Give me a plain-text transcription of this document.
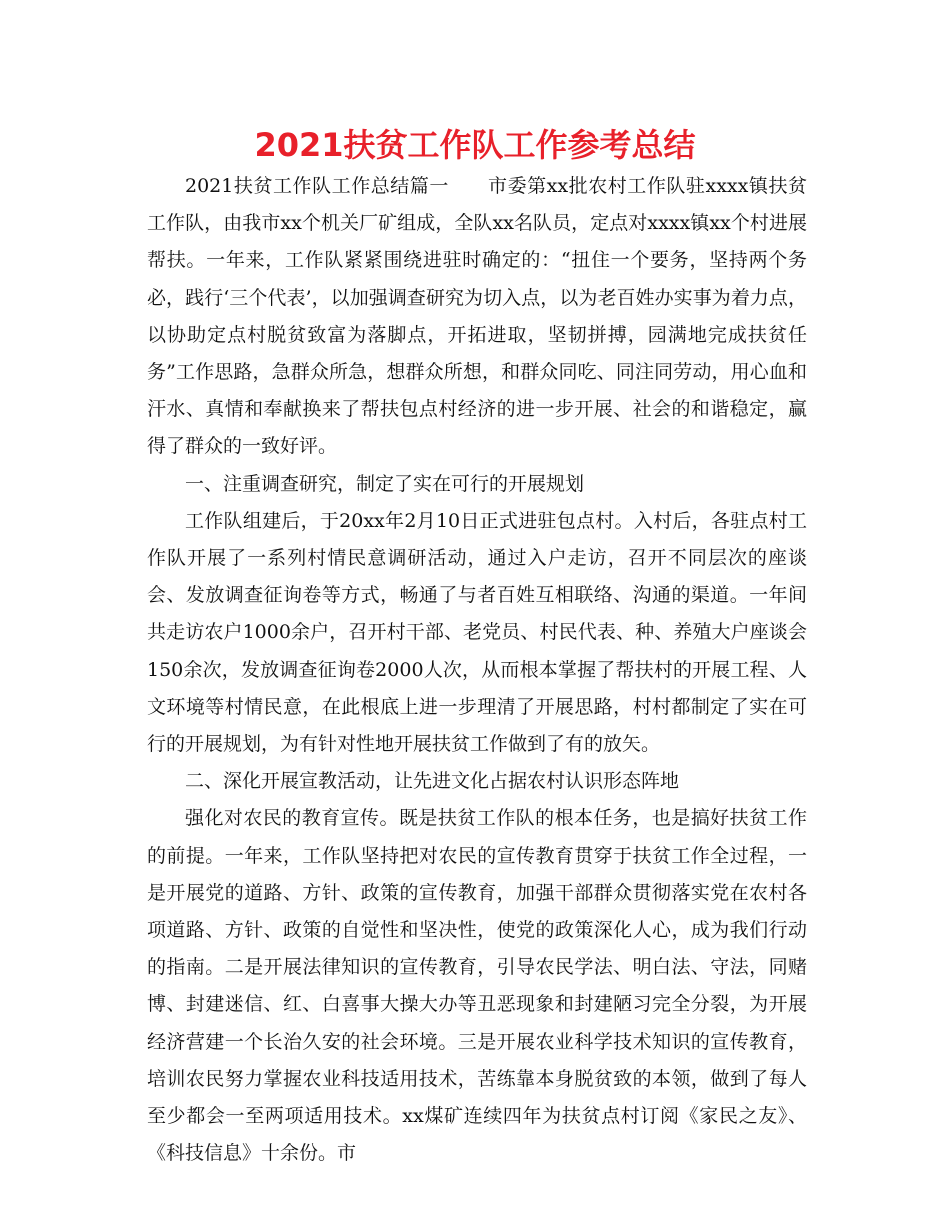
2021扶贫工作队工作参考总结

2021扶贫工作队工作总结篇一　　市委第xx批农村工作队驻xxxx镇扶贫工作队，由我市xx个机关厂矿组成，全队xx名队员，定点对xxxx镇xx个村进展帮扶。一年来，工作队紧紧围绕进驻时确定的：“扭住一个要务，坚持两个务必，践行‘三个代表’，以加强调查研究为切入点，以为老百姓办实事为着力点，以协助定点村脱贫致富为落脚点，开拓进取，坚韧拼搏，园满地完成扶贫任务”工作思路，急群众所急，想群众所想，和群众同吃、同注同劳动，用心血和汗水、真情和奉献换来了帮扶包点村经济的进一步开展、社会的和谐稳定，赢得了群众的一致好评。

一、注重调查研究，制定了实在可行的开展规划

工作队组建后，于20xx年2月10日正式进驻包点村。入村后，各驻点村工作队开展了一系列村情民意调研活动，通过入户走访，召开不同层次的座谈会、发放调查征询卷等方式，畅通了与者百姓互相联络、沟通的渠道。一年间共走访农户1000余户，召开村干部、老党员、村民代表、种、养殖大户座谈会150余次，发放调查征询卷2000人次，从而根本掌握了帮扶村的开展工程、人文环境等村情民意，在此根底上进一步理清了开展思路，村村都制定了实在可行的开展规划，为有针对性地开展扶贫工作做到了有的放矢。

二、深化开展宣教活动，让先进文化占据农村认识形态阵地

强化对农民的教育宣传。既是扶贫工作队的根本任务，也是搞好扶贫工作的前提。一年来，工作队坚持把对农民的宣传教育贯穿于扶贫工作全过程，一是开展党的道路、方针、政策的宣传教育，加强干部群众贯彻落实党在农村各项道路、方针、政策的自觉性和坚决性，使党的政策深化人心，成为我们行动的指南。二是开展法律知识的宣传教育，引导农民学法、明白法、守法，同赌博、封建迷信、红、白喜事大操大办等丑恶现象和封建陋习完全分裂，为开展经济营建一个长治久安的社会环境。三是开展农业科学技术知识的宣传教育，培训农民努力掌握农业科技适用技术，苦练靠本身脱贫致的本领，做到了每人至少都会一至两项适用技术。xx煤矿连续四年为扶贫点村订阅《家民之友》、《科技信息》十余份。市
